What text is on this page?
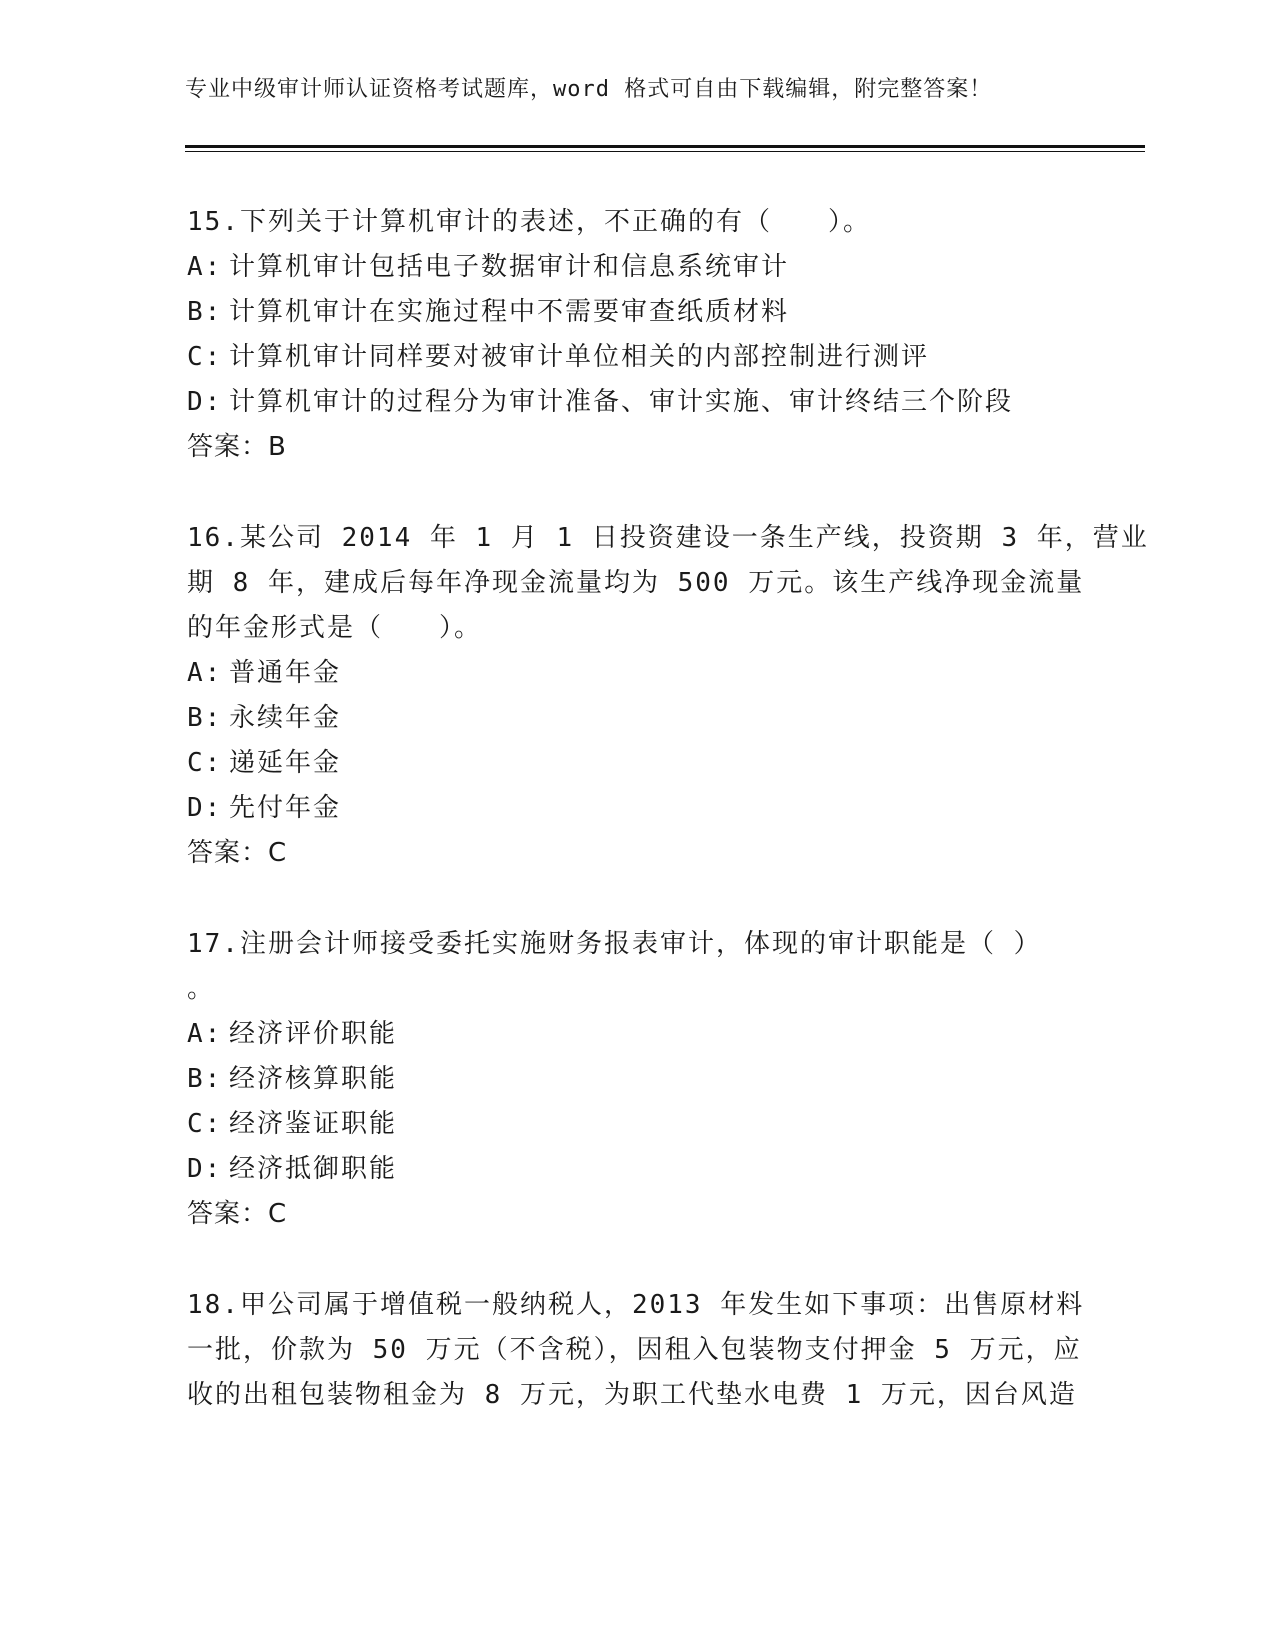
专业中级审计师认证资格考试题库，word 格式可自由下载编辑，附完整答案！
15.下列关于计算机审计的表述，不正确的有（　　）。
A: 计算机审计包括电子数据审计和信息系统审计
B: 计算机审计在实施过程中不需要审查纸质材料
C: 计算机审计同样要对被审计单位相关的内部控制进行测评
D: 计算机审计的过程分为审计准备、审计实施、审计终结三个阶段
答案：B
16.某公司 2014 年 1 月 1 日投资建设一条生产线，投资期 3 年，营业
期 8 年，建成后每年净现金流量均为 500 万元。该生产线净现金流量
的年金形式是（　　）。
A: 普通年金
B: 永续年金
C: 递延年金
D: 先付年金
答案：C
17.注册会计师接受委托实施财务报表审计，体现的审计职能是（ ）
。
A: 经济评价职能
B: 经济核算职能
C: 经济鉴证职能
D: 经济抵御职能
答案：C
18.甲公司属于增值税一般纳税人，2013 年发生如下事项：出售原材料
一批，价款为 50 万元（不含税），因租入包装物支付押金 5 万元，应
收的出租包装物租金为 8 万元，为职工代垫水电费 1 万元，因台风造
